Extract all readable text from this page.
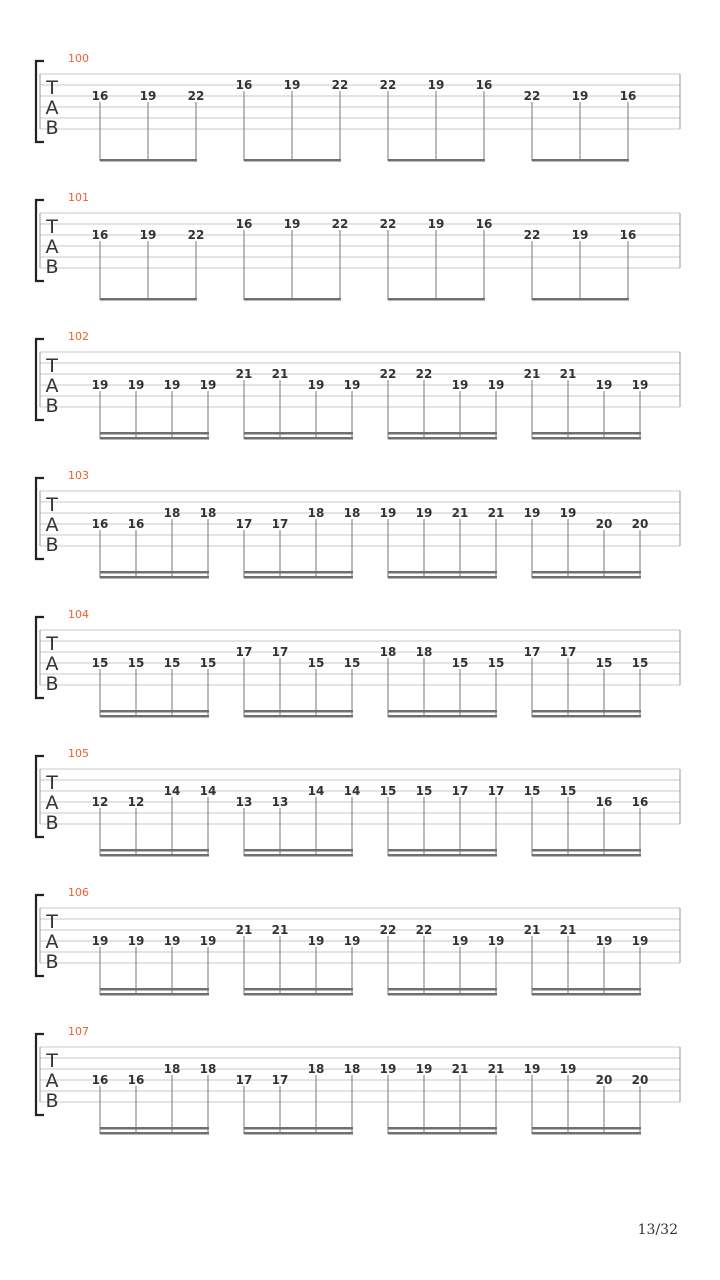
T
A
B
100
16	19	22
16	19	22	22	19	16
22	19	16
T
A
B
101
16	19	22
16	19	22	22	19	16
22	19	16
T
A
B
102
19 19 19 19
21 21
19 19
22 22
19 19
21 21
19 19
T
A
B
103
16 16
18 18
17 17
18 18 19 19 21 21 19 19
20 20
T
A
B
104
15 15 15 15
17 17
15 15
18 18
15 15
17 17
15 15
T
A
B
105
12 12
14 14
13 13
14 14 15 15 17 17 15 15
16 16
T
A
B
106
19 19 19 19
21 21
19 19
22 22
19 19
21 21
19 19
T
A
B
107
16 16
18 18
17 17
18 18 19 19 21 21 19 19
20 20
13/32
